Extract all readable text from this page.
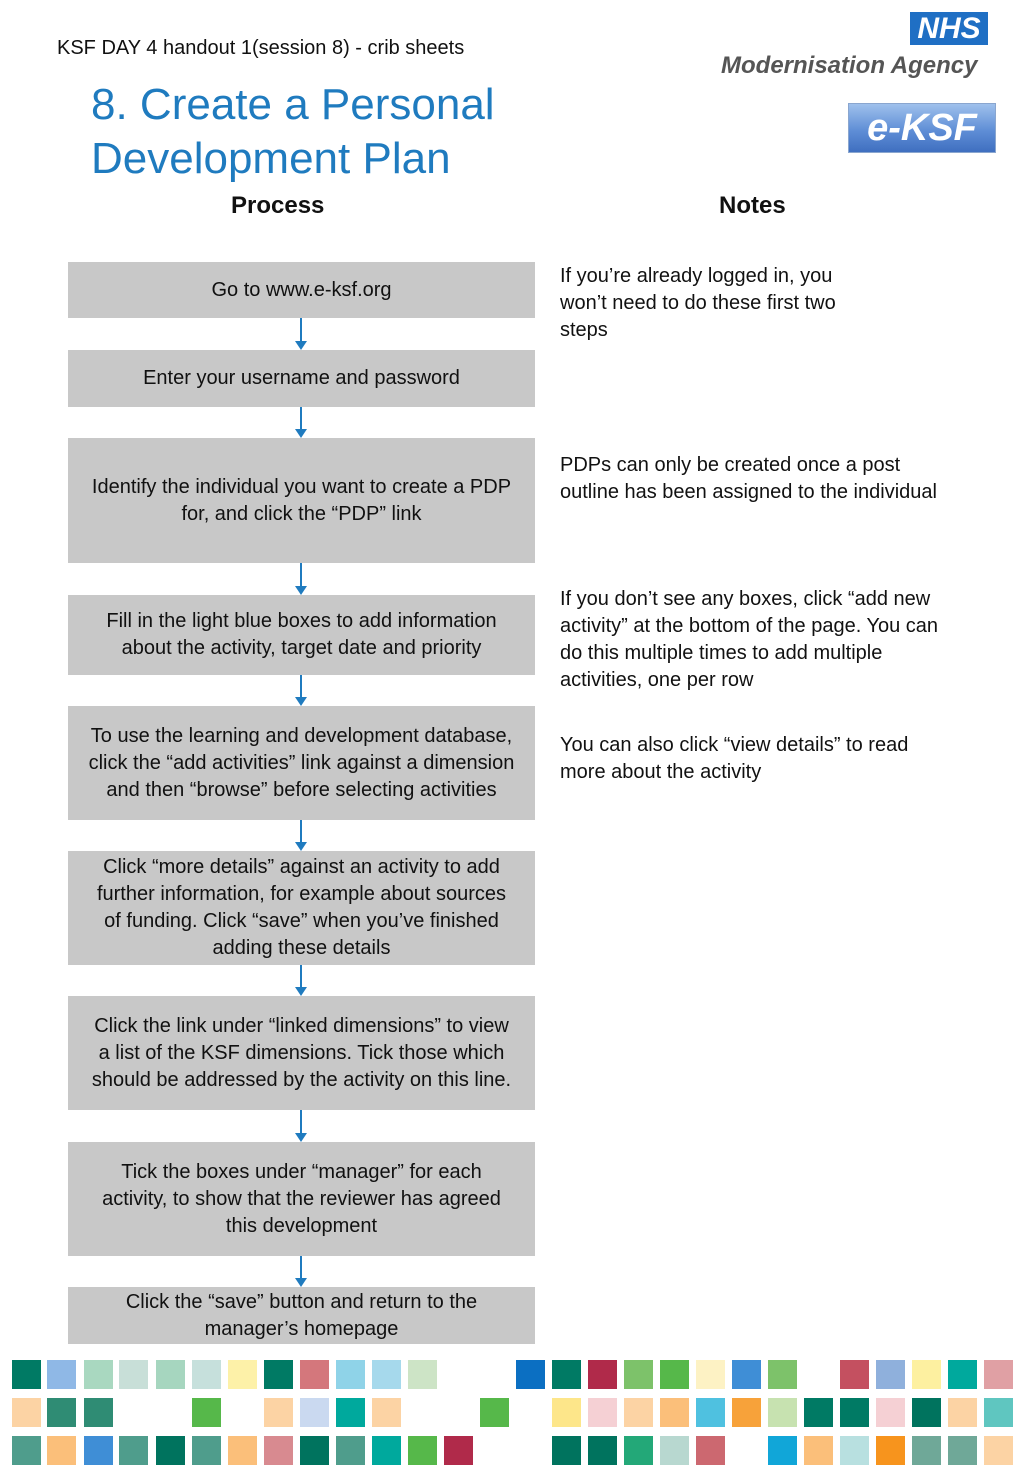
KSF DAY 4 handout 1(session 8) - crib sheets
8. Create a Personal
Development Plan
NHS
Modernisation Agency
e-KSF
Process	Notes
Go to www.e-ksf.org
Enter your username and password
Identify the individual you want to create a PDP for, and click the “PDP” link
Fill in the light blue boxes to add information about the activity, target date and priority
To use the learning and development database, click the “add activities” link against a dimension and then “browse” before selecting activities
Click “more details” against an activity to add further information, for example about sources of funding. Click “save” when you’ve finished adding these details
Click the link under “linked dimensions” to view a list of the KSF dimensions. Tick those which should be addressed by the activity on this line.
Tick the boxes under “manager” for each activity, to show that the reviewer has agreed this development
Click the “save” button and return to the manager’s homepage
If you’re already logged in, you won’t need to do these first two steps
PDPs can only be created once a post outline has been assigned to the individual
If you don’t see any boxes, click “add new activity” at the bottom of the page. You can do this multiple times to add multiple activities, one per row
You can also click “view details” to read more about the activity
